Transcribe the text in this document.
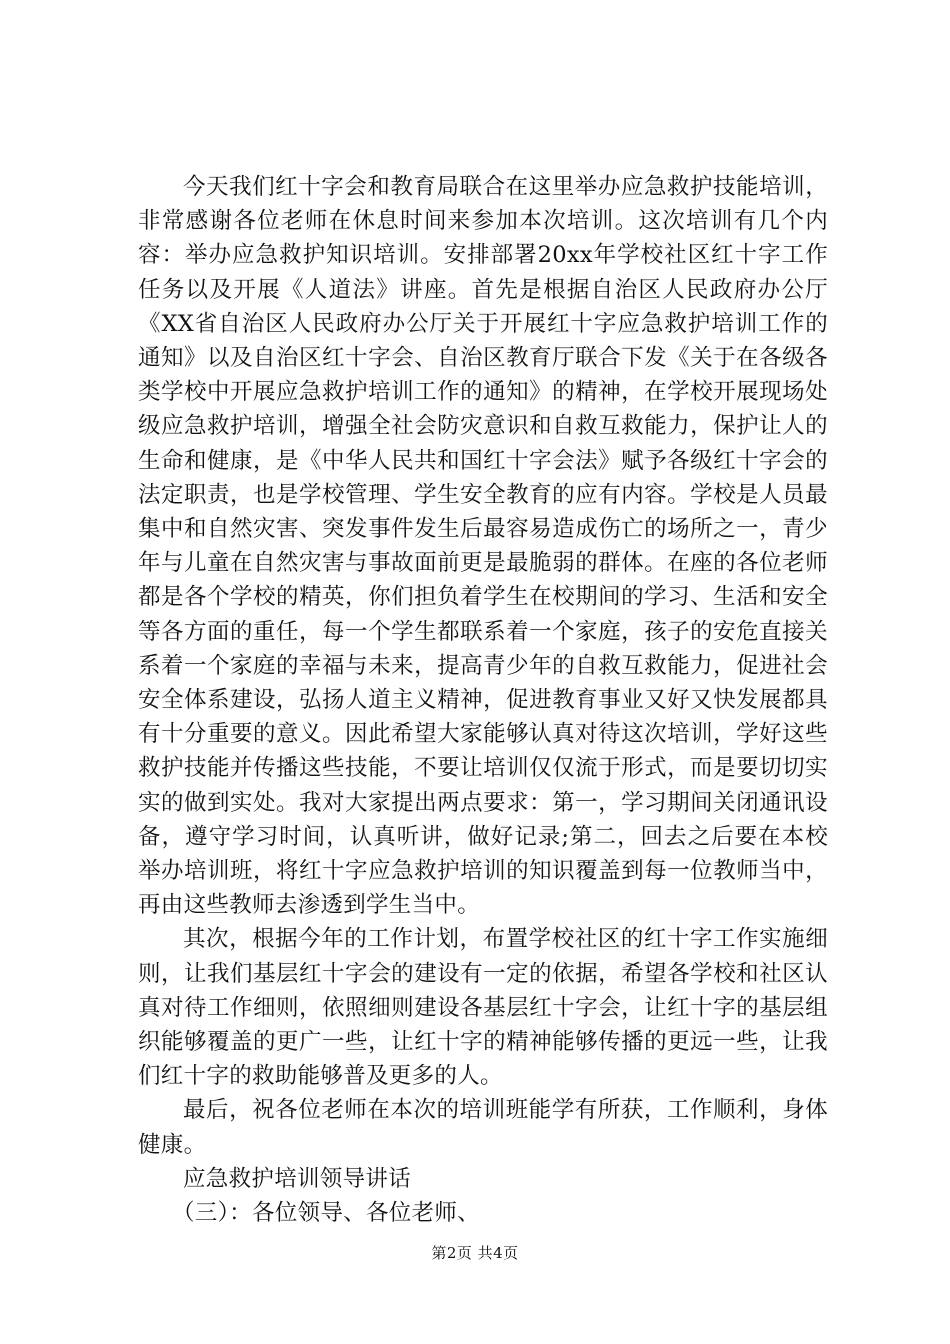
今天我们红十字会和教育局联合在这里举办应急救护技能培训，非常感谢各位老师在休息时间来参加本次培训。这次培训有几个内容：举办应急救护知识培训。安排部署20xx年学校社区红十字工作任务以及开展《人道法》讲座。首先是根据自治区人民政府办公厅《XX省自治区人民政府办公厅关于开展红十字应急救护培训工作的通知》以及自治区红十字会、自治区教育厅联合下发《关于在各级各类学校中开展应急救护培训工作的通知》的精神，在学校开展现场处级应急救护培训，增强全社会防灾意识和自救互救能力，保护让人的生命和健康，是《中华人民共和国红十字会法》赋予各级红十字会的法定职责，也是学校管理、学生安全教育的应有内容。学校是人员最集中和自然灾害、突发事件发生后最容易造成伤亡的场所之一，青少年与儿童在自然灾害与事故面前更是最脆弱的群体。在座的各位老师都是各个学校的精英，你们担负着学生在校期间的学习、生活和安全等各方面的重任，每一个学生都联系着一个家庭，孩子的安危直接关系着一个家庭的幸福与未来，提高青少年的自救互救能力，促进社会安全体系建设，弘扬人道主义精神，促进教育事业又好又快发展都具有十分重要的意义。因此希望大家能够认真对待这次培训，学好这些救护技能并传播这些技能，不要让培训仅仅流于形式，而是要切切实实的做到实处。我对大家提出两点要求：第一，学习期间关闭通讯设备，遵守学习时间，认真听讲，做好记录;第二，回去之后要在本校举办培训班，将红十字应急救护培训的知识覆盖到每一位教师当中，再由这些教师去渗透到学生当中。

其次，根据今年的工作计划，布置学校社区的红十字工作实施细则，让我们基层红十字会的建设有一定的依据，希望各学校和社区认真对待工作细则，依照细则建设各基层红十字会，让红十字的基层组织能够覆盖的更广一些，让红十字的精神能够传播的更远一些，让我们红十字的救助能够普及更多的人。

最后，祝各位老师在本次的培训班能学有所获，工作顺利，身体健康。

应急救护培训领导讲话

（三）：各位领导、各位老师、

第2页 共4页
